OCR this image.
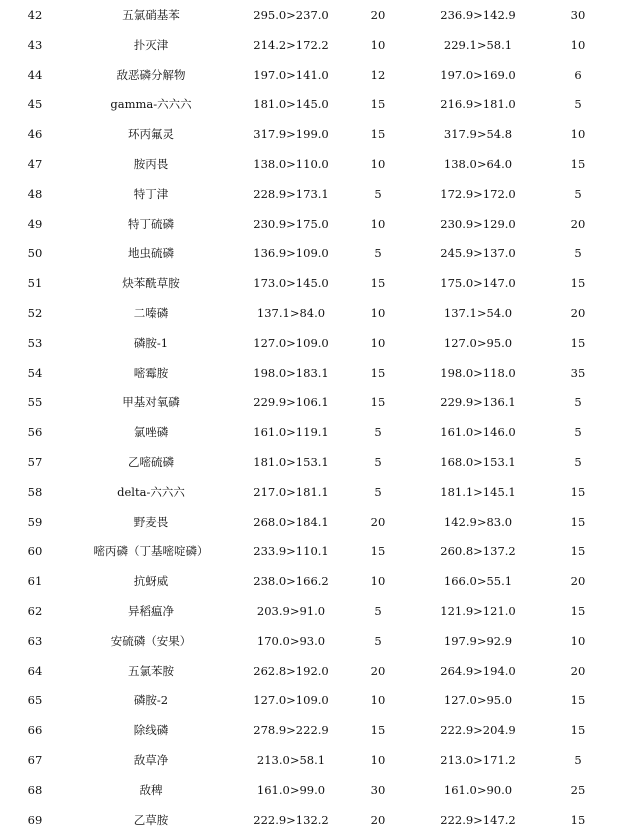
42	五氯硝基苯	295.0>237.0	20	236.9>142.9	30
43	扑灭津	214.2>172.2	10	229.1>58.1	10
44	敌恶磷分解物	197.0>141.0	12	197.0>169.0	6
45	gamma-六六六	181.0>145.0	15	216.9>181.0	5
46	环丙氟灵	317.9>199.0	15	317.9>54.8	10
47	胺丙畏	138.0>110.0	10	138.0>64.0	15
48	特丁津	228.9>173.1	5	172.9>172.0	5
49	特丁硫磷	230.9>175.0	10	230.9>129.0	20
50	地虫硫磷	136.9>109.0	5	245.9>137.0	5
51	炔苯酰草胺	173.0>145.0	15	175.0>147.0	15
52	二嗪磷	137.1>84.0	10	137.1>54.0	20
53	磷胺-1	127.0>109.0	10	127.0>95.0	15
54	嘧霉胺	198.0>183.1	15	198.0>118.0	35
55	甲基对氧磷	229.9>106.1	15	229.9>136.1	5
56	氯唑磷	161.0>119.1	5	161.0>146.0	5
57	乙嘧硫磷	181.0>153.1	5	168.0>153.1	5
58	delta-六六六	217.0>181.1	5	181.1>145.1	15
59	野麦畏	268.0>184.1	20	142.9>83.0	15
60	嘧丙磷（丁基嘧啶磷）	233.9>110.1	15	260.8>137.2	15
61	抗蚜威	238.0>166.2	10	166.0>55.1	20
62	异稻瘟净	203.9>91.0	5	121.9>121.0	15
63	安硫磷（安果）	170.0>93.0	5	197.9>92.9	10
64	五氯苯胺	262.8>192.0	20	264.9>194.0	20
65	磷胺-2	127.0>109.0	10	127.0>95.0	15
66	除线磷	278.9>222.9	15	222.9>204.9	15
67	敌草净	213.0>58.1	10	213.0>171.2	5
68	敌稗	161.0>99.0	30	161.0>90.0	25
69	乙草胺	222.9>132.2	20	222.9>147.2	15
